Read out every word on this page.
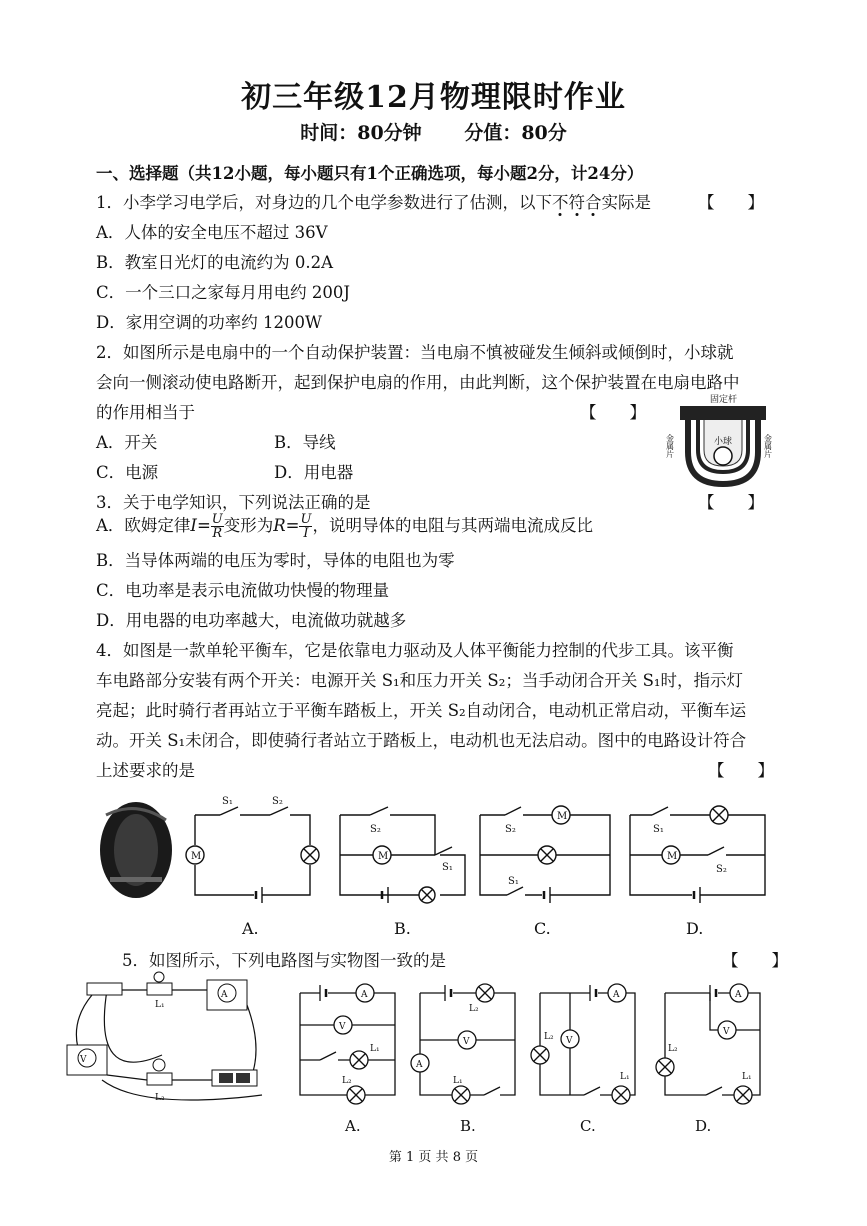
初三年级12月物理限时作业
时间：80分钟 分值：80分
一、选择题（共12小题，每小题只有1个正确选项，每小题2分，计24分）
1．小李学习电学后，对身边的几个电学参数进行了估测，以下不符合实际是	【　　】
A．人体的安全电压不超过 36V
B．教室日光灯的电流约为 0.2A
C．一个三口之家每月用电约 200J
D．家用空调的功率约 1200W
2．如图所示是电扇中的一个自动保护装置：当电扇不慎被碰发生倾斜或倾倒时，小球就
会向一侧滚动使电路断开，起到保护电扇的作用，由此判断，这个保护装置在电扇电路中
的作用相当于	【　　】
A．开关	B．导线
C．电源	D．用电器
固定杆
小球
金属片	金属片
3．关于电学知识，下列说法正确的是	【　　】
A．欧姆定律$I= \frac{U}{R}$ 变形为$R= \frac{U}{I}$ ，说明导体的电阻与其两端电流成反比
B．当导体两端的电压为零时，导体的电阻也为零
C．电功率是表示电流做功快慢的物理量
D．用电器的电功率越大，电流做功就越多
4．如图是一款单轮平衡车，它是依靠电力驱动及人体平衡能力控制的代步工具。该平衡
车电路部分安装有两个开关：电源开关 S₁和压力开关 S₂；当手动闭合开关 S₁时，指示灯
亮起；此时骑行者再站立于平衡车踏板上，开关 S₂自动闭合，电动机正常启动，平衡车运
动。开关 S₁未闭合，即使骑行者站立于踏板上，电动机也无法启动。图中的电路设计符合
上述要求的是	【　　】
M
S₁	S₂
S₂
M
S₁
S₂
M
S₁
S₁
M
S₂
A.	B.	C.	D.
5．如图所示，下列电路图与实物图一致的是	【　　】
L₁
L₂
V
A	A
V
L₁
L₂
L₂
V
A
L₁
A
L₂ V
L₁
A
V
L₂
L₁
A.	B.	C.	D.
第 1 页 共 8 页
